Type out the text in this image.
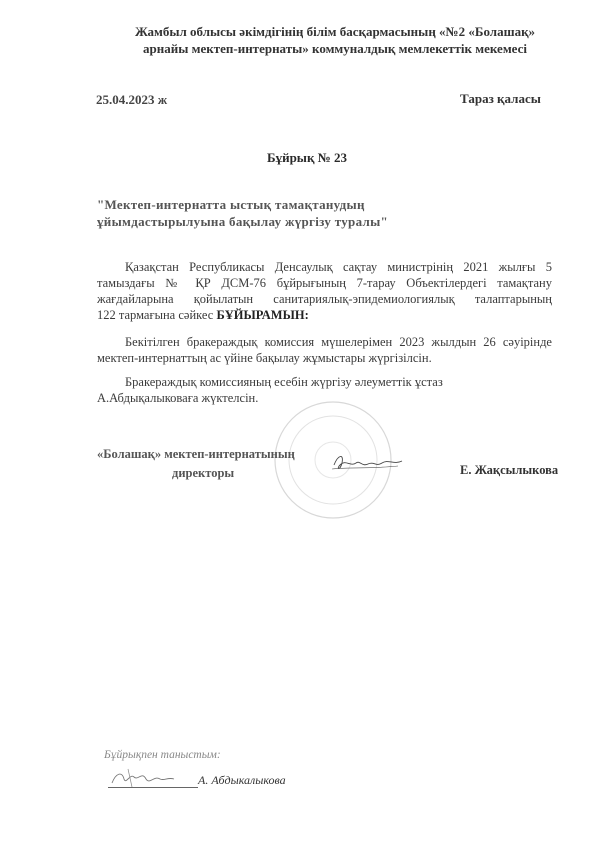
Жамбыл облысы әкімдігінің білім басқармасының «№2 «Болашақ»
арнайы мектеп-интернаты» коммуналдық мемлекеттік мекемесі
25.04.2023 ж	Тараз қаласы
Бұйрық № 23
"Мектеп-интернатта ыстық тамақтанудың
ұйымдастырылуына бақылау жүргізу туралы"
Қазақстан Республикасы Денсаулық сақтау министрінің 2021 жылғы 5
тамыздағы № ҚР ДСМ-76 бұйрығының 7-тарау Объектілердегі тамақтану
жағдайларына қойылатын санитариялық-эпидемиологиялық талаптарының
122 тармағына сәйкес БҰЙЫРАМЫН:
Бекітілген бракераждық комиссия мүшелерімен 2023 жылдын 26 сәуірінде
мектеп-интернаттың ас үйіне бақылау жұмыстары жүргізілсін.
Бракераждық комиссияның есебін жүргізу әлеуметтік ұстаз
А.Абдықалыковаға жүктелсін.
«Болашақ» мектеп-интернатының
директоры	Е. Жақсылыкова
Бұйрықпен таныстым:
А. Абдыкалыкова
